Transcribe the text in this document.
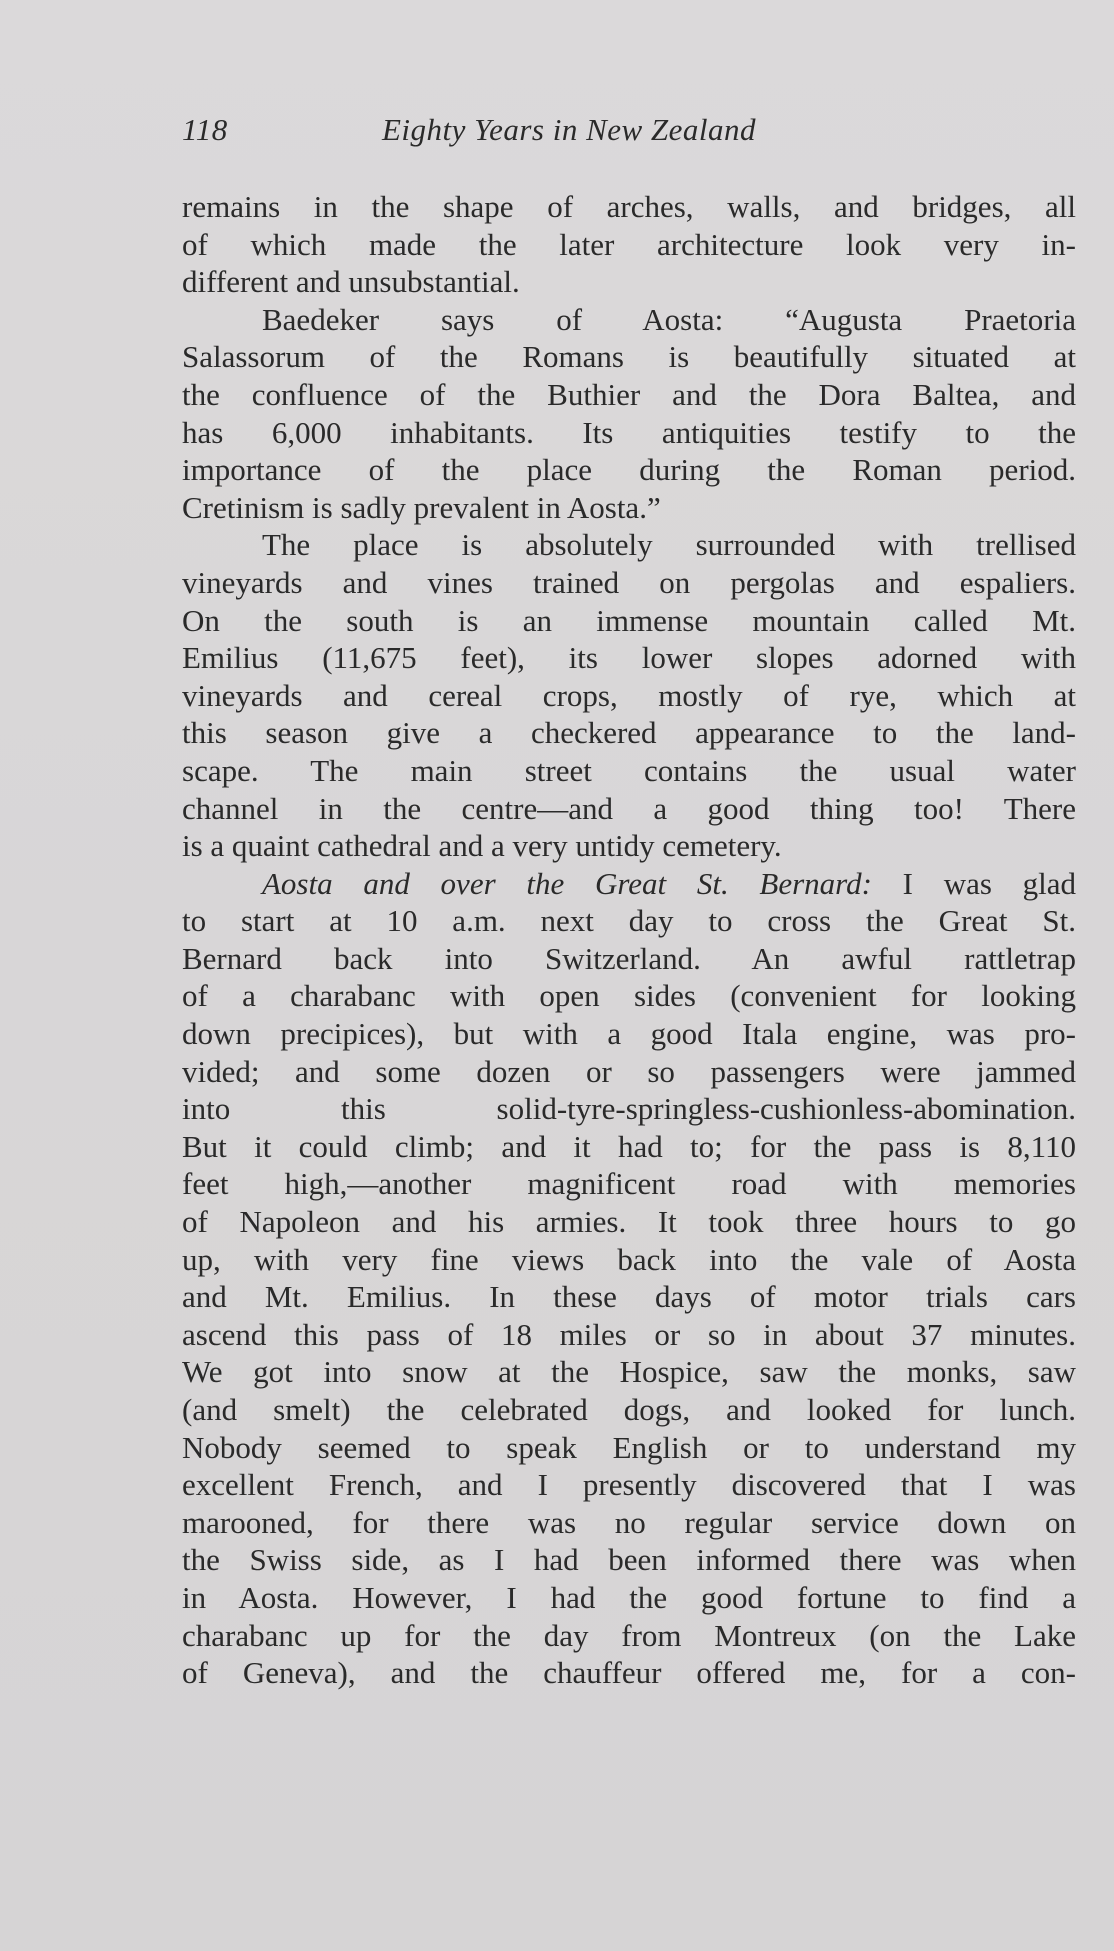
118	Eighty Years in New Zealand
remains in the shape of arches, walls, and bridges, all
of which made the later architecture look very in-
different and unsubstantial.
Baedeker says of Aosta: “Augusta Praetoria
Salassorum of the Romans is beautifully situated at
the confluence of the Buthier and the Dora Baltea, and
has 6,000 inhabitants. Its antiquities testify to the
importance of the place during the Roman period.
Cretinism is sadly prevalent in Aosta.”
The place is absolutely surrounded with trellised
vineyards and vines trained on pergolas and espaliers.
On the south is an immense mountain called Mt.
Emilius (11,675 feet), its lower slopes adorned with
vineyards and cereal crops, mostly of rye, which at
this season give a checkered appearance to the land-
scape. The main street contains the usual water
channel in the centre—and a good thing too! There
is a quaint cathedral and a very untidy cemetery.
Aosta and over the Great St. Bernard: I was glad
to start at 10 a.m. next day to cross the Great St.
Bernard back into Switzerland. An awful rattletrap
of a charabanc with open sides (convenient for looking
down precipices), but with a good Itala engine, was pro-
vided; and some dozen or so passengers were jammed
into this solid-tyre-springless-cushionless-abomination.
But it could climb; and it had to; for the pass is 8,110
feet high,—another magnificent road with memories
of Napoleon and his armies. It took three hours to go
up, with very fine views back into the vale of Aosta
and Mt. Emilius. In these days of motor trials cars
ascend this pass of 18 miles or so in about 37 minutes.
We got into snow at the Hospice, saw the monks, saw
(and smelt) the celebrated dogs, and looked for lunch.
Nobody seemed to speak English or to understand my
excellent French, and I presently discovered that I was
marooned, for there was no regular service down on
the Swiss side, as I had been informed there was when
in Aosta. However, I had the good fortune to find a
charabanc up for the day from Montreux (on the Lake
of Geneva), and the chauffeur offered me, for a con-
